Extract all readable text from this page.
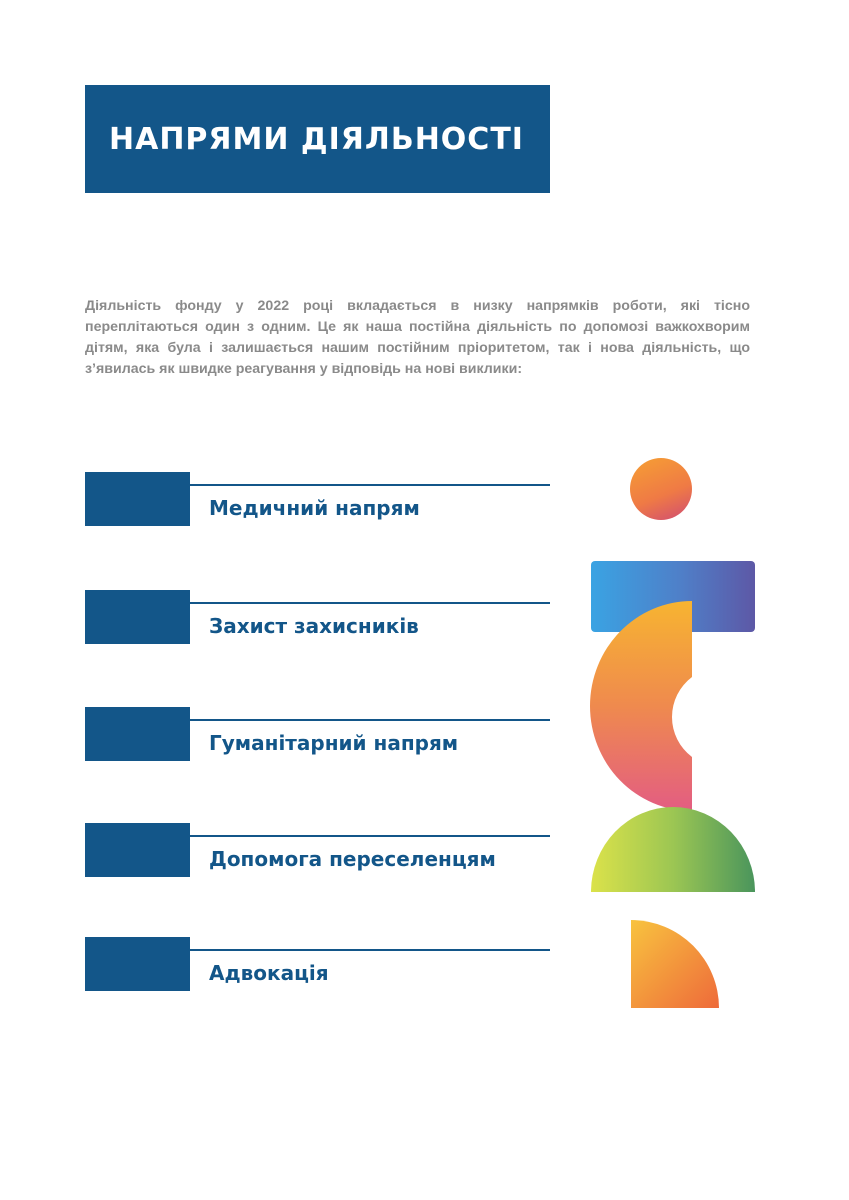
НАПРЯМИ ДІЯЛЬНОСТІ

Діяльність фонду у 2022 році вкладається в низку напрямків роботи, які тісно переплітаються один з одним. Це як наша постійна діяльність по допомозі важкохворим дітям, яка була і залишається нашим постійним пріоритетом, так і нова діяльність, що з’явилась як швидке реагування у відповідь на нові виклики:

Медичний напрям
Захист захисників
Гуманітарний напрям
Допомога переселенцям
Адвокація
